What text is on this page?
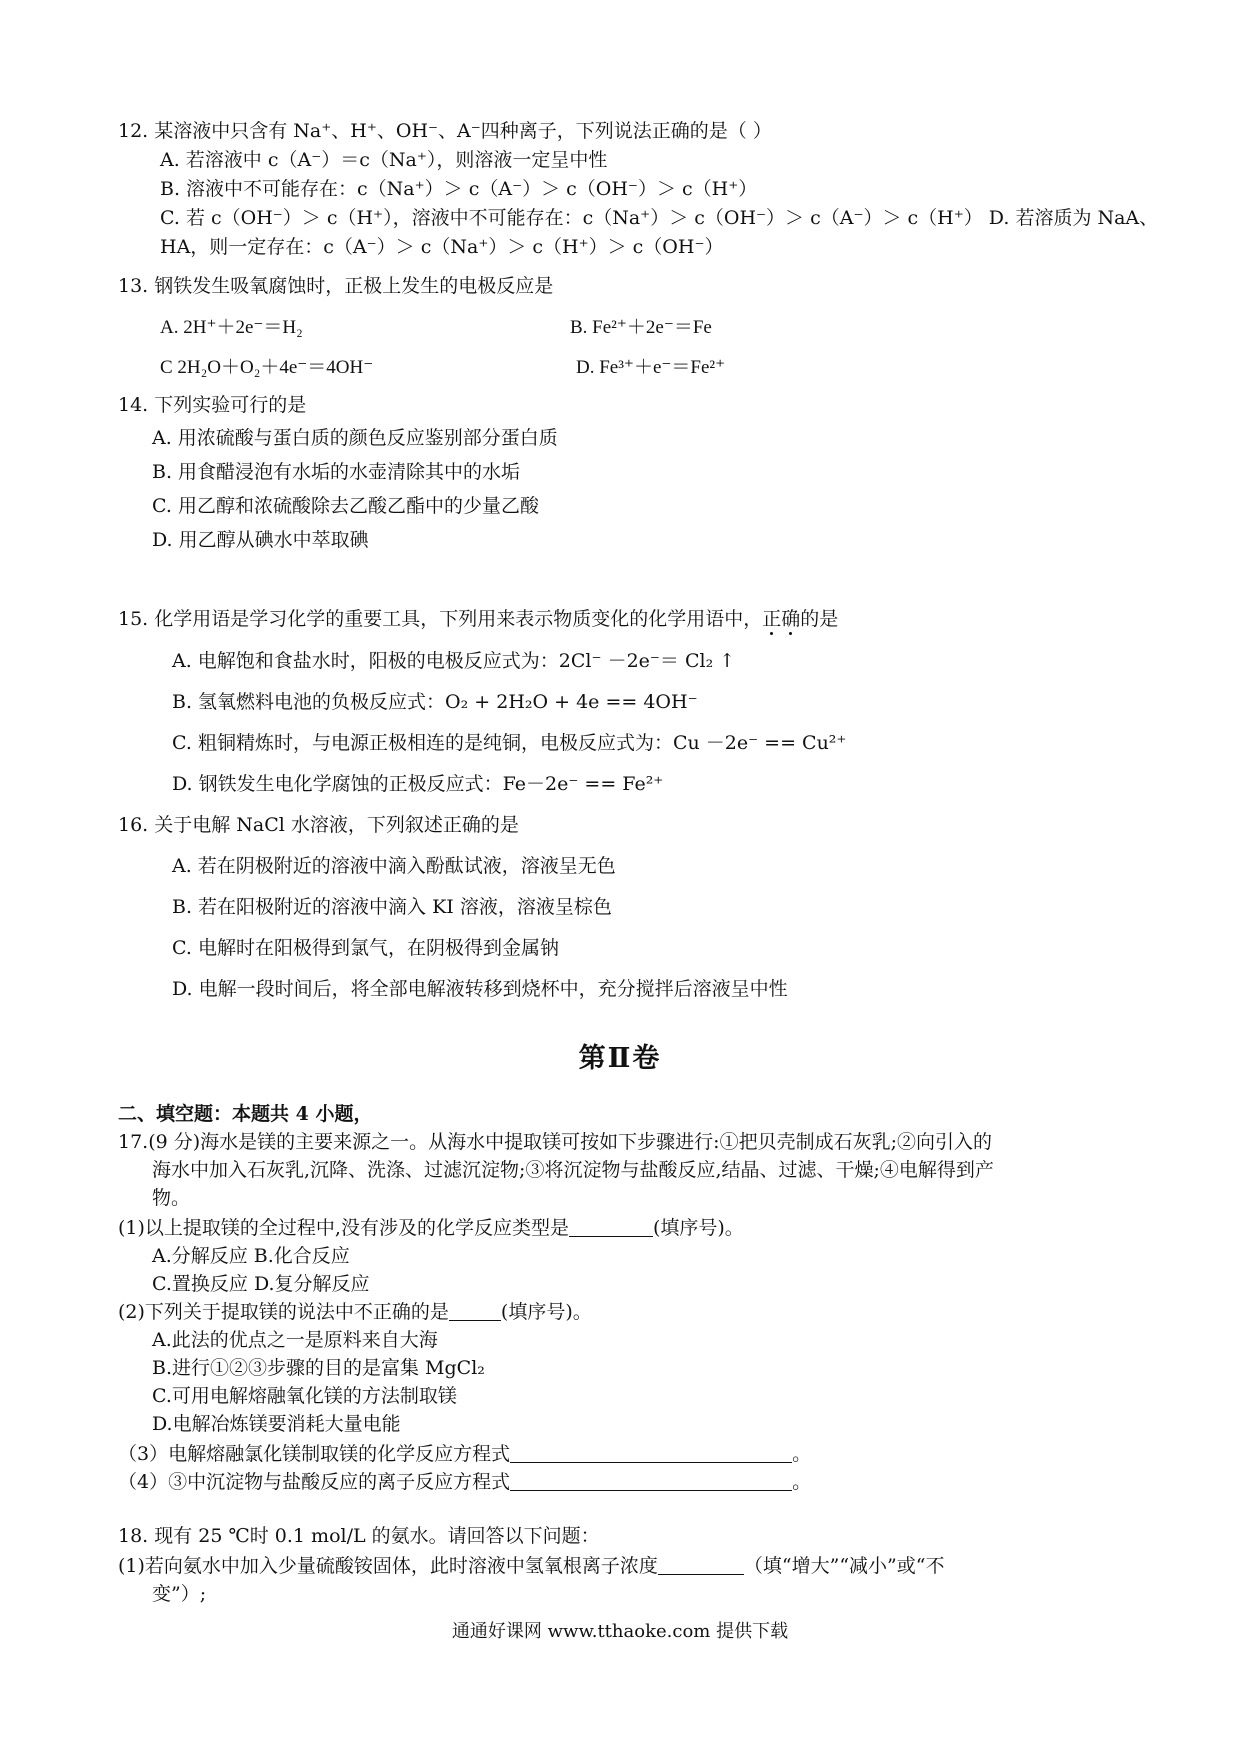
12. 某溶液中只含有 Na⁺、H⁺、OH⁻、A⁻四种离子，下列说法正确的是（ ）
A. 若溶液中 c（A⁻）＝c（Na⁺），则溶液一定呈中性
B. 溶液中不可能存在：c（Na⁺）＞ c（A⁻）＞ c（OH⁻）＞ c（H⁺）
C. 若 c（OH⁻）＞ c（H⁺），溶液中不可能存在：c（Na⁺）＞ c（OH⁻）＞ c（A⁻）＞ c（H⁺） D. 若溶质为 NaA、
HA，则一定存在：c（A⁻）＞ c（Na⁺）＞ c（H⁺）＞ c（OH⁻）
13. 钢铁发生吸氧腐蚀时，正极上发生的电极反应是
A. 2H⁺＋2e⁻＝H₂	B. Fe²⁺＋2e⁻＝Fe
C 2H₂O＋O₂＋4e⁻＝4OH⁻	D. Fe³⁺＋e⁻＝Fe²⁺
14. 下列实验可行的是
A. 用浓硫酸与蛋白质的颜色反应鉴别部分蛋白质
B. 用食醋浸泡有水垢的水壶清除其中的水垢
C. 用乙醇和浓硫酸除去乙酸乙酯中的少量乙酸
D. 用乙醇从碘水中萃取碘
15. 化学用语是学习化学的重要工具，下列用来表示物质变化的化学用语中，正确的是
A. 电解饱和食盐水时，阳极的电极反应式为：2Cl⁻ －2e⁻＝ Cl₂ ↑
B. 氢氧燃料电池的负极反应式：O₂ + 2H₂O + 4e == 4OH⁻
C. 粗铜精炼时，与电源正极相连的是纯铜，电极反应式为：Cu －2e⁻ == Cu²⁺
D. 钢铁发生电化学腐蚀的正极反应式：Fe－2e⁻ == Fe²⁺
16. 关于电解 NaCl 水溶液，下列叙述正确的是
A. 若在阴极附近的溶液中滴入酚酞试液，溶液呈无色
B. 若在阳极附近的溶液中滴入 KI 溶液，溶液呈棕色
C. 电解时在阳极得到氯气，在阴极得到金属钠
D. 电解一段时间后，将全部电解液转移到烧杯中，充分搅拌后溶液呈中性
第Ⅱ卷
二、填空题：本题共 4 小题，
17.(9 分)海水是镁的主要来源之一。从海水中提取镁可按如下步骤进行:①把贝壳制成石灰乳;②向引入的
海水中加入石灰乳,沉降、洗涤、过滤沉淀物;③将沉淀物与盐酸反应,结晶、过滤、干燥;④电解得到产
物。
(1)以上提取镁的全过程中,没有涉及的化学反应类型是	(填序号)。
A.分解反应 B.化合反应
C.置换反应 D.复分解反应
(2)下列关于提取镁的说法中不正确的是	(填序号)。
A.此法的优点之一是原料来自大海
B.进行①②③步骤的目的是富集 MgCl₂
C.可用电解熔融氧化镁的方法制取镁
D.电解冶炼镁要消耗大量电能
（3）电解熔融氯化镁制取镁的化学反应方程式	。
（4）③中沉淀物与盐酸反应的离子反应方程式	。
18. 现有 25 ℃时 0.1 mol/L 的氨水。请回答以下问题：
(1)若向氨水中加入少量硫酸铵固体，此时溶液中氢氧根离子浓度	（填“增大”“减小”或“不
变”）;
通通好课网 www.tthaoke.com 提供下载
